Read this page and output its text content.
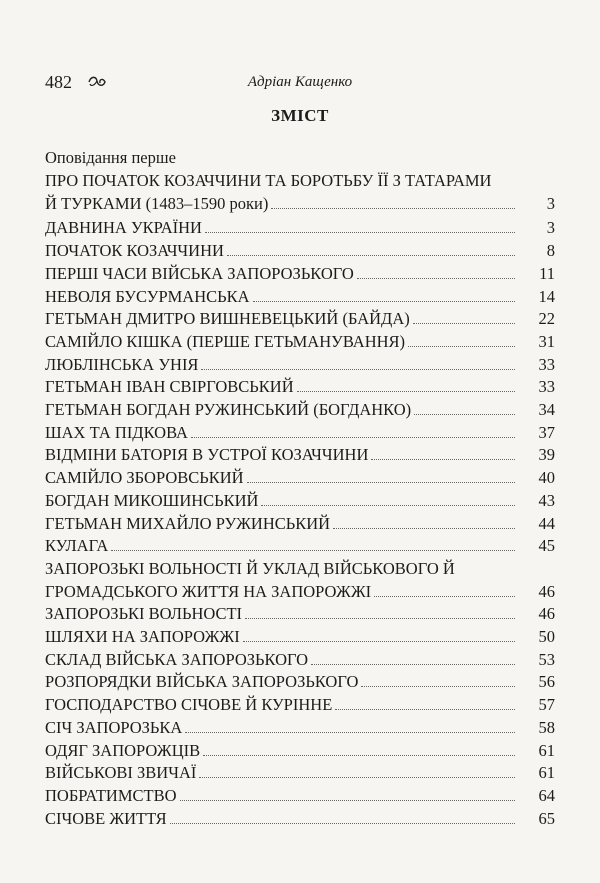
482	Адріан Кащенко
ЗМІСТ
Оповідання перше
ПРО ПОЧАТОК КОЗАЧЧИНИ ТА БОРОТЬБУ ЇЇ З ТАТАРАМИ
Й ТУРКАМИ (1483–1590 роки)	3
ДАВНИНА УКРАЇНИ	3
ПОЧАТОК КОЗАЧЧИНИ	8
ПЕРШІ ЧАСИ ВІЙСЬКА ЗАПОРОЗЬКОГО	11
НЕВОЛЯ БУСУРМАНСЬКА	14
ГЕТЬМАН ДМИТРО ВИШНЕВЕЦЬКИЙ (БАЙДА)	22
САМІЙЛО КІШКА (ПЕРШЕ ГЕТЬМАНУВАННЯ)	31
ЛЮБЛІНСЬКА УНІЯ	33
ГЕТЬМАН ІВАН СВІРГОВСЬКИЙ	33
ГЕТЬМАН БОГДАН РУЖИНСЬКИЙ (БОГДАНКО)	34
ШАХ ТА ПІДКОВА	37
ВІДМІНИ БАТОРІЯ В УСТРОЇ КОЗАЧЧИНИ	39
САМІЙЛО ЗБОРОВСЬКИЙ	40
БОГДАН МИКОШИНСЬКИЙ	43
ГЕТЬМАН МИХАЙЛО РУЖИНСЬКИЙ	44
КУЛАГА	45
ЗАПОРОЗЬКІ ВОЛЬНОСТІ Й УКЛАД ВІЙСЬКОВОГО Й
ГРОМАДСЬКОГО ЖИТТЯ НА ЗАПОРОЖЖІ	46
ЗАПОРОЗЬКІ ВОЛЬНОСТІ	46
ШЛЯХИ НА ЗАПОРОЖЖІ	50
СКЛАД ВІЙСЬКА ЗАПОРОЗЬКОГО	53
РОЗПОРЯДКИ ВІЙСЬКА ЗАПОРОЗЬКОГО	56
ГОСПОДАРСТВО СІЧОВЕ Й КУРІННЕ	57
СІЧ ЗАПОРОЗЬКА	58
ОДЯГ ЗАПОРОЖЦІВ	61
ВІЙСЬКОВІ ЗВИЧАЇ	61
ПОБРАТИМСТВО	64
СІЧОВЕ ЖИТТЯ	65
